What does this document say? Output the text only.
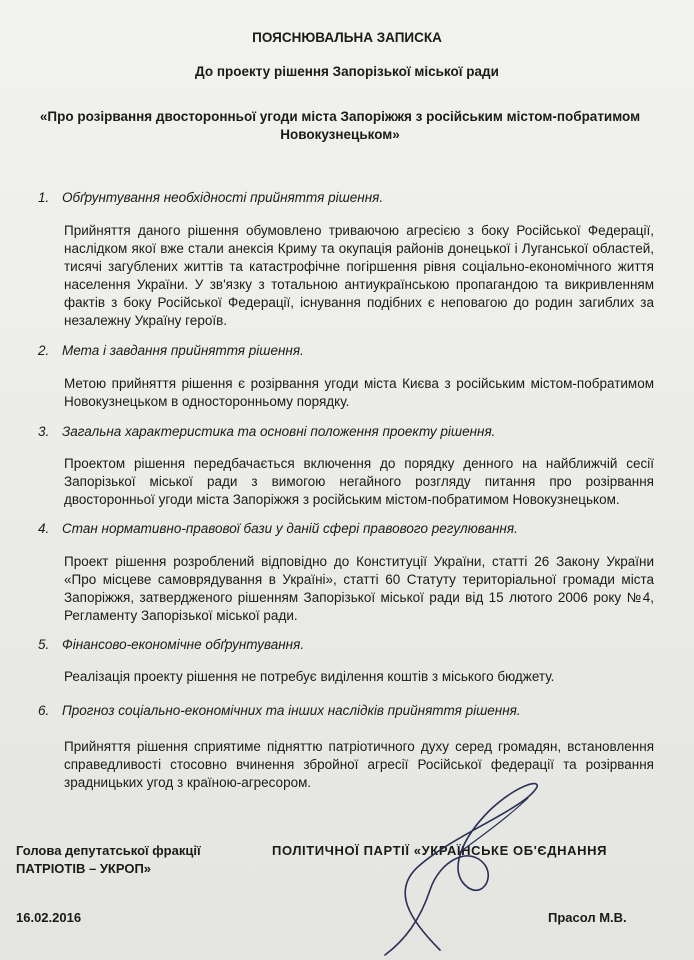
ПОЯСНЮВАЛЬНА ЗАПИСКА
До проекту рішення Запорізької міської ради
«Про розірвання двосторонньої угоди міста Запоріжжя з російським містом-побратимом Новокузнецьком»
1. Обґрунтування необхідності прийняття рішення.
Прийняття даного рішення обумовлено триваючою агресією з боку Російської Федерації, наслідком якої вже стали анексія Криму та окупація районів донецької і Луганської областей, тисячі загублених життів та катастрофічне погіршення рівня соціально-економічного життя населення України. У зв'язку з тотальною антиукраїнською пропагандою та викривленням фактів з боку Російської Федерації, існування подібних є неповагою до родин загиблих за незалежну Україну героїв.
2. Мета і завдання прийняття рішення.
Метою прийняття рішення є розірвання угоди міста Києва з російським містом-побратимом Новокузнецьком в односторонньому порядку.
3. Загальна характеристика та основні положення проекту рішення.
Проектом рішення передбачається включення до порядку денного на найближчій сесії Запорізької міської ради з вимогою негайного розгляду питання про розірвання двосторонньої угоди міста Запоріжжя з російським містом-побратимом Новокузнецьком.
4. Стан нормативно-правової бази у даній сфері правового регулювання.
Проект рішення розроблений відповідно до Конституції України, статті 26 Закону України «Про місцеве самоврядування в Україні», статті 60 Статуту територіальної громади міста Запоріжжя, затвердженого рішенням Запорізької міської ради від 15 лютого 2006 року №4, Регламенту Запорізької міської ради.
5. Фінансово-економічне обґрунтування.
Реалізація проекту рішення не потребує виділення коштів з міського бюджету.
6. Прогноз соціально-економічних та інших наслідків прийняття рішення.
Прийняття рішення сприятиме підняттю патріотичного духу серед громадян, встановлення справедливості стосовно вчинення збройної агресії Російської федерації та розірвання зрадницьких угод з країною-агресором.
Голова депутатської фракції	ПОЛІТИЧНОЇ ПАРТІЇ «УКРАЇНСЬКЕ ОБ'ЄДНАННЯ
ПАТРІОТІВ – УКРОП»
16.02.2016	Прасол М.В.
